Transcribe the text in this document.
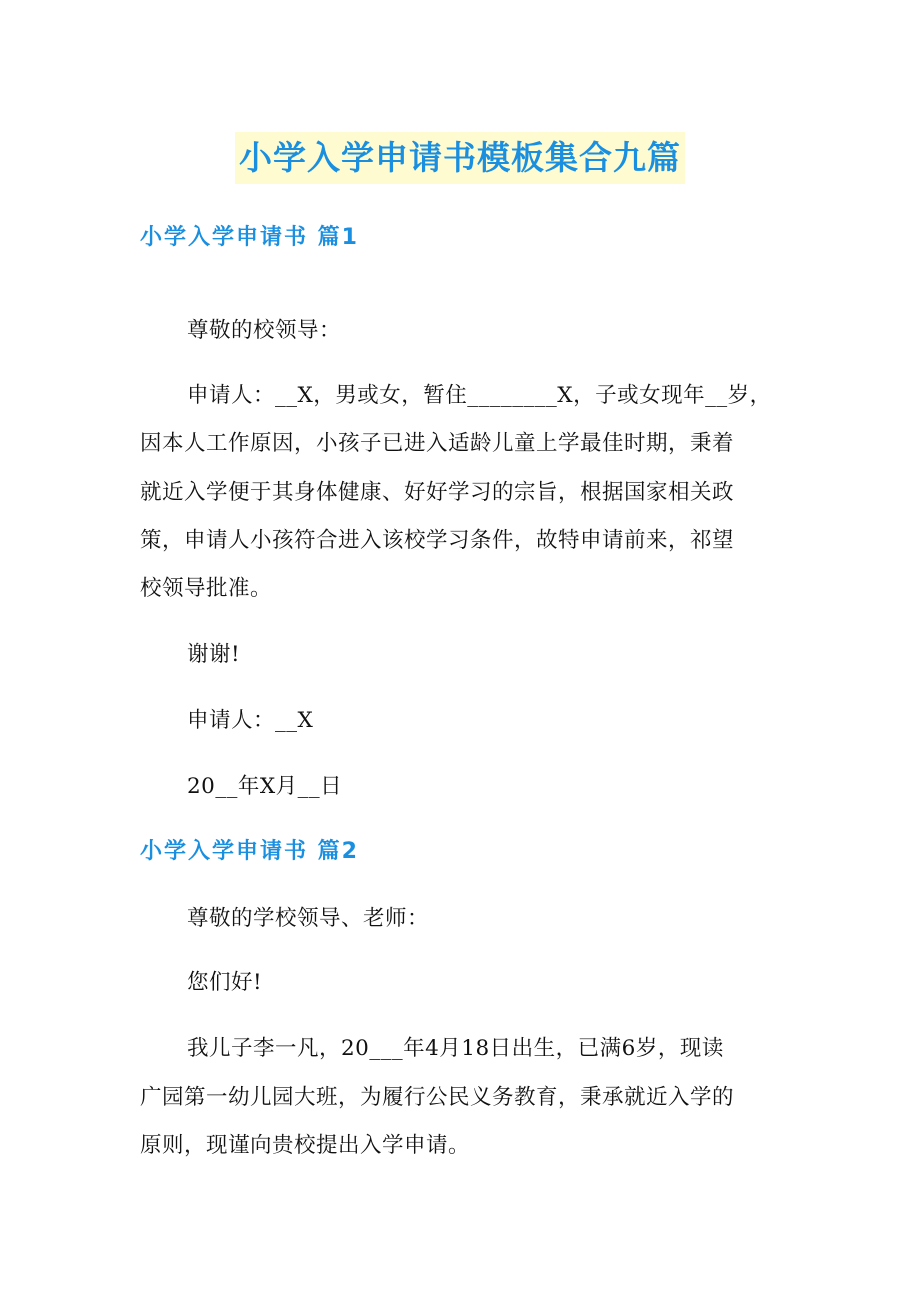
小学入学申请书模板集合九篇
小学入学申请书 篇1
尊敬的校领导：
申请人：__X，男或女，暂住________X，子或女现年__岁，
因本人工作原因，小孩子已进入适龄儿童上学最佳时期，秉着
就近入学便于其身体健康、好好学习的宗旨，根据国家相关政
策，申请人小孩符合进入该校学习条件，故特申请前来，祁望
校领导批准。
谢谢!
申请人：__X
20__年X月__日
小学入学申请书 篇2
尊敬的学校领导、老师：
您们好!
我儿子李一凡，20___年4月18日出生，已满6岁，现读
广园第一幼儿园大班，为履行公民义务教育，秉承就近入学的
原则，现谨向贵校提出入学申请。
